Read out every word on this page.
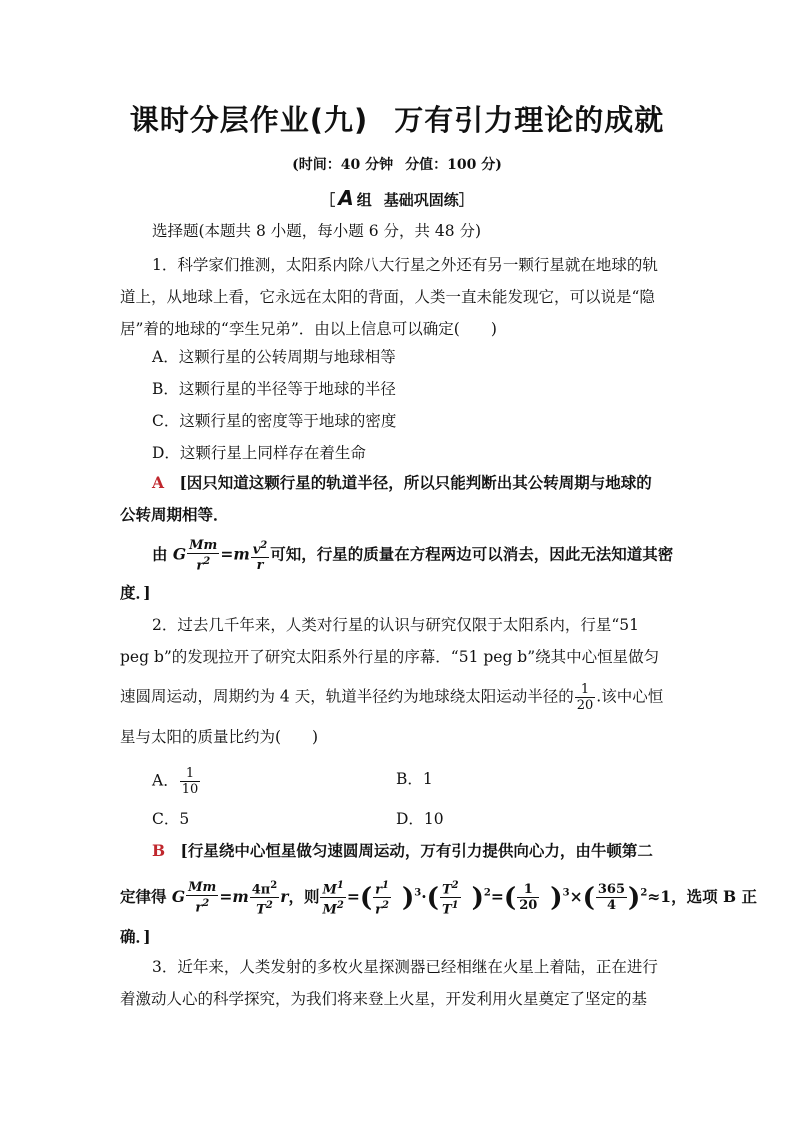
课时分层作业(九) 万有引力理论的成就
(时间：40 分钟 分值：100 分)
［ A 组 基础巩固练］
选择题(本题共 8 小题，每小题 6 分，共 48 分)
1．科学家们推测，太阳系内除八大行星之外还有另一颗行星就在地球的轨
道上，从地球上看，它永远在太阳的背面，人类一直未能发现它，可以说是“隐
居”着的地球的“孪生兄弟”．由以上信息可以确定(　　)
A．这颗行星的公转周期与地球相等
B．这颗行星的半径等于地球的半径
C．这颗行星的密度等于地球的密度
D．这颗行星上同样存在着生命
A [因只知道这颗行星的轨道半径，所以只能判断出其公转周期与地球的
公转周期相等．
由 G $\frac{Mm}{r^2} =m \frac{v^2}{r}$ 可知，行星的质量在方程两边可以消去，因此无法知道其密
度．]
2．过去几千年来，人类对行星的认识与研究仅限于太阳系内，行星“51
peg b”的发现拉开了研究太阳系外行星的序幕．“51 peg b”绕其中心恒星做匀
速圆周运动，周期约为 4 天，轨道半径约为地球绕太阳运动半径的 $\frac{1}{20}$ .该中心恒
星与太阳的质量比约为(　　)
A． $\frac{1}{10}$	B．1
C．5	D．10
B [行星绕中心恒星做匀速圆周运动，万有引力提供向心力，由牛顿第二
定律得 G $\frac{Mm}{r^2} =m \frac{4\pi^2}{T^2}$ r，则 $\frac{M^1}{M^2}$ =( $\frac{r^1}{r^2} )^3\cdot( \frac{T^2}{T^1} )^2=( \frac{1}{20} )^3\times( \frac{365}{4} )^2\approx 1$，选项 B 正
确．]
3．近年来，人类发射的多枚火星探测器已经相继在火星上着陆，正在进行
着激动人心的科学探究，为我们将来登上火星，开发利用火星奠定了坚定的基
